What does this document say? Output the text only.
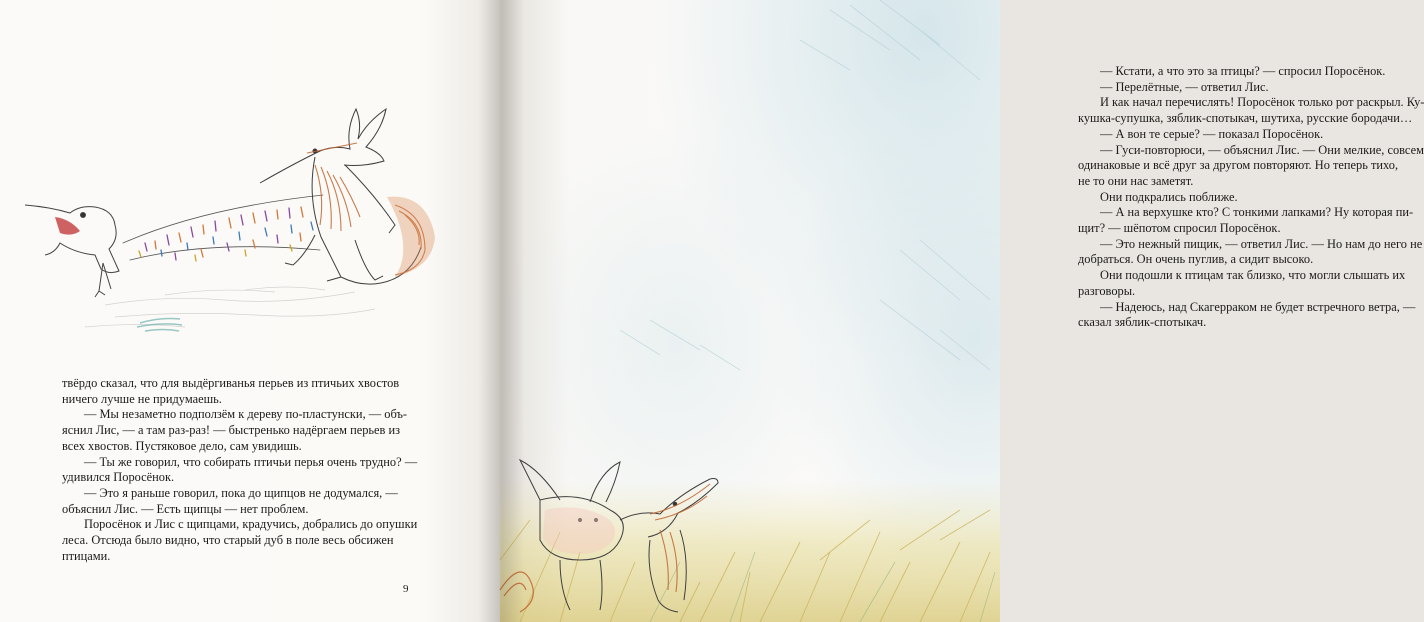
твёрдо сказал, что для выдёргиванья перьев из птичьих хвостов

ничего лучше не придумаешь.

— Мы незаметно подползём к дереву по-пластунски, — объ-

яснил Лис, — а там раз-раз! — быстренько надёргаем перьев из

всех хвостов. Пустяковое дело, сам увидишь.

— Ты же говорил, что собирать птичьи перья очень трудно? —

удивился Поросёнок.

— Это я раньше говорил, пока до щипцов не додумался, —

объяснил Лис. — Есть щипцы — нет проблем.

Поросёнок и Лис с щипцами, крадучись, добрались до опушки

леса. Отсюда было видно, что старый дуб в поле весь обсижен

птицами.

9

— Кстати, а что это за птицы? — спросил Поросёнок.

— Перелётные, — ответил Лис.

И как начал перечислять! Поросёнок только рот раскрыл. Ку-

кушка-супушка, зяблик-спотыкач, шутиха, русские бородачи…

— А вон те серые? — показал Поросёнок.

— Гуси-повторюси, — объяснил Лис. — Они мелкие, совсем

одинаковые и всё друг за другом повторяют. Но теперь тихо,

не то они нас заметят.

Они подкрались поближе.

— А на верхушке кто? С тонкими лапками? Ну которая пи-

щит? — шёпотом спросил Поросёнок.

— Это нежный пищик, — ответил Лис. — Но нам до него не

добраться. Он очень пуглив, а сидит высоко.

Они подошли к птицам так близко, что могли слышать их

разговоры.

— Надеюсь, над Скагерраком не будет встречного ветра, —

сказал зяблик-спотыкач.
